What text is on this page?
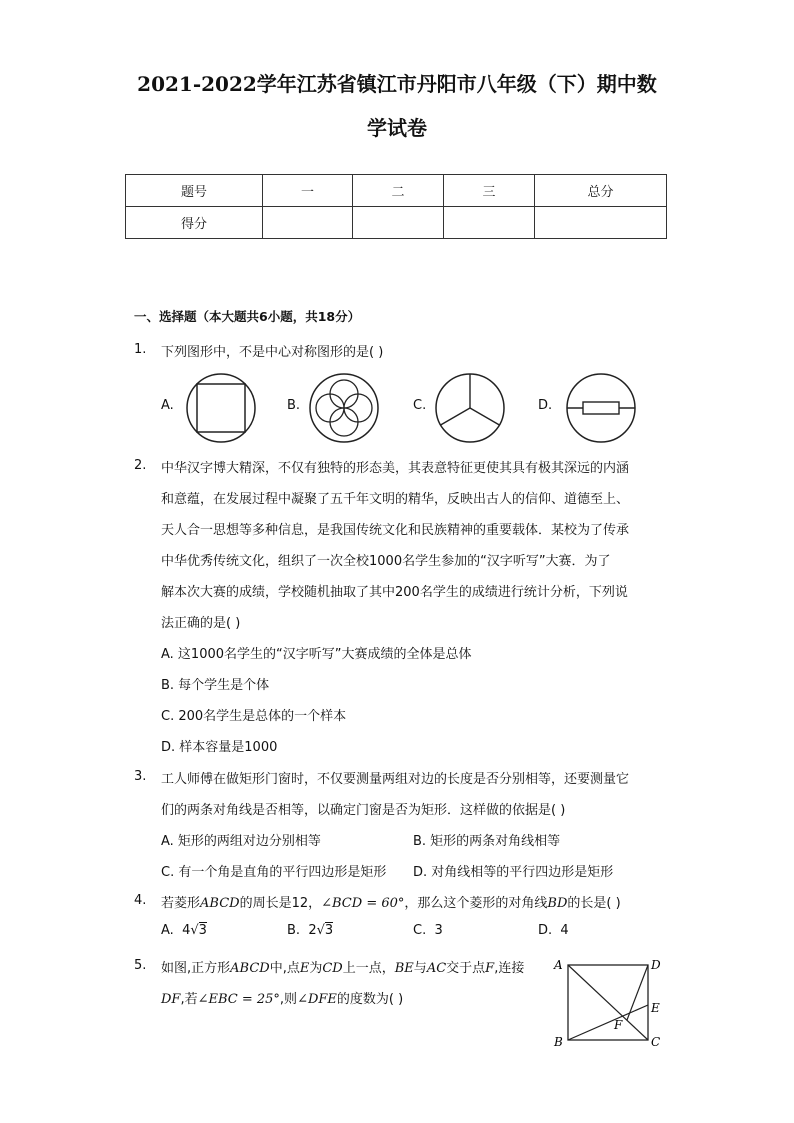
2021-2022学年江苏省镇江市丹阳市八年级（下）期中数
学试卷
题号	一	二	三	总分
得分				
一、选择题（本大题共6小题，共18分）
1. 下列图形中，不是中心对称图形的是( )
A.	B.	C.	D.
2. 中华汉字博大精深，不仅有独特的形态美，其表意特征更使其具有极其深远的内涵
和意蕴，在发展过程中凝聚了五千年文明的精华，反映出古人的信仰、道德至上、
天人合一思想等多种信息，是我国传统文化和民族精神的重要载体．某校为了传承
中华优秀传统文化，组织了一次全校1000名学生参加的“汉字听写”大赛．为了
解本次大赛的成绩，学校随机抽取了其中200名学生的成绩进行统计分析，下列说
法正确的是( )
A. 这1000名学生的“汉字听写”大赛成绩的全体是总体
B. 每个学生是个体
C. 200名学生是总体的一个样本
D. 样本容量是1000
3. 工人师傅在做矩形门窗时，不仅要测量两组对边的长度是否分别相等，还要测量它
们的两条对角线是否相等，以确定门窗是否为矩形．这样做的依据是( )
A. 矩形的两组对边分别相等	B. 矩形的两条对角线相等
C. 有一个角是直角的平行四边形是矩形 D. 对角线相等的平行四边形是矩形
4. 若菱形ABCD的周长是12，∠BCD = 60°，那么这个菱形的对角线BD的长是( )
A. 4√3	B. 2√3	C. 3	D. 4
5. 如图,正方形ABCD中,点E为CD上一点，BE与AC交于点F,连接
DF,若∠EBC = 25°,则∠DFE的度数为( )
A	D
B	C
E
F
